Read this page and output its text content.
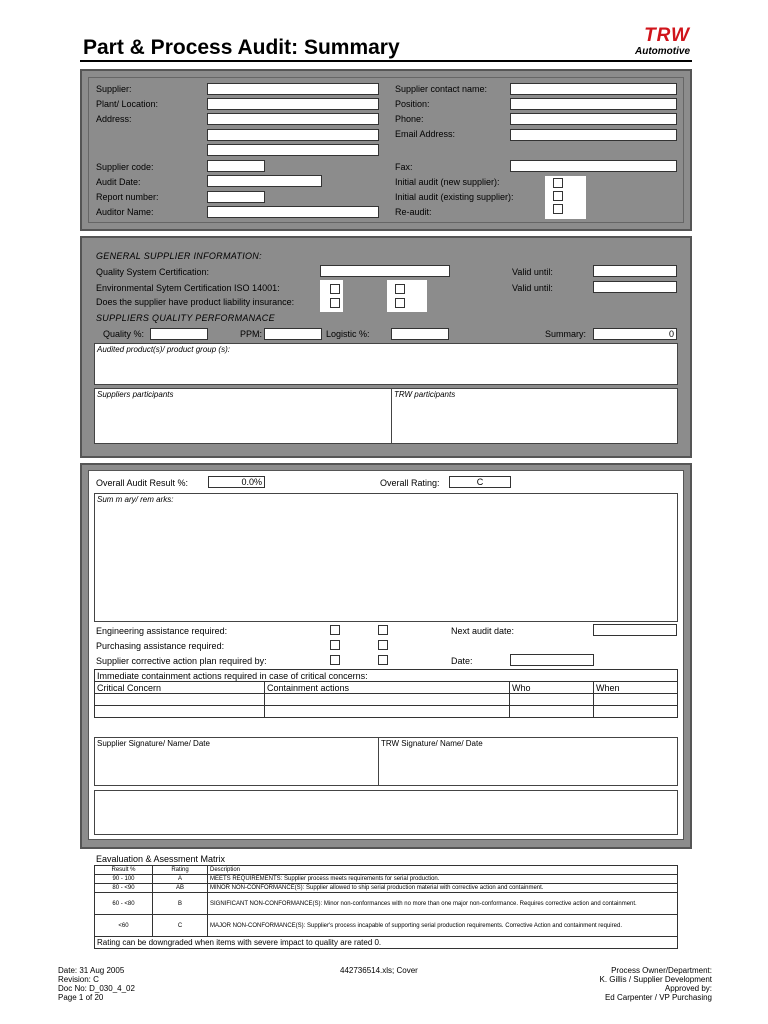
Part & Process Audit: Summary
TRW
Automotive
Supplier:
Plant/ Location:
Address:
Supplier code:
Audit Date:
Report number:
Auditor Name:
Supplier contact name:
Position:
Phone:
Email Address:
Fax:
Initial audit (new supplier):
Initial audit (existing supplier):
Re-audit:
GENERAL SUPPLIER INFORMATION:
Quality System Certification:	Valid until:
Environmental Sytem Certification ISO 14001:	Valid until:
Does the supplier have product liability insurance:
SUPPLIERS QUALITY PERFORMANACE
Quality %:	PPM:	Logistic %:	Summary:	0
Audited product(s)/ product group (s):
Suppliers participants	TRW participants
Overall Audit Result %:	0.0%	Overall Rating:	C
Sum m ary/ rem arks:
Engineering assistance required:
Purchasing assistance required:
Supplier corrective action plan required by:
Next audit date:
Date:
Immediate containment actions required in case of critical concerns:			
Critical Concern	Containment actions	Who	When

Supplier Signature/ Name/ Date	TRW Signature/ Name/ Date
Eavaluation & Asessment Matrix
Result %	Rating	Description
90 - 100	A	MEETS REQUIREMENTS: Supplier process meets requirements for serial production.
80 - <90	AB	MINOR NON-CONFORMANCE(S): Supplier allowed to ship serial production material with corrective action and containment.
60 - <80	B	SIGNIFICANT NON-CONFORMANCE(S): Minor non-conformances with no more than one major non-conformance. Requires corrective action and containment.
<60	C	MAJOR NON-CONFORMANCE(S): Supplier's process incapable of supporting serial production requirements. Corrective Action and containment required.
Rating can be downgraded when items with severe impact to quality are rated 0.		
Date: 31 Aug 2005
Revision: C
Doc No: D_030_4_02
Page 1 of 20
442736514.xls; Cover	Process Owner/Department:
K. Gillis / Supplier Development
Approved by:
Ed Carpenter / VP Purchasing
